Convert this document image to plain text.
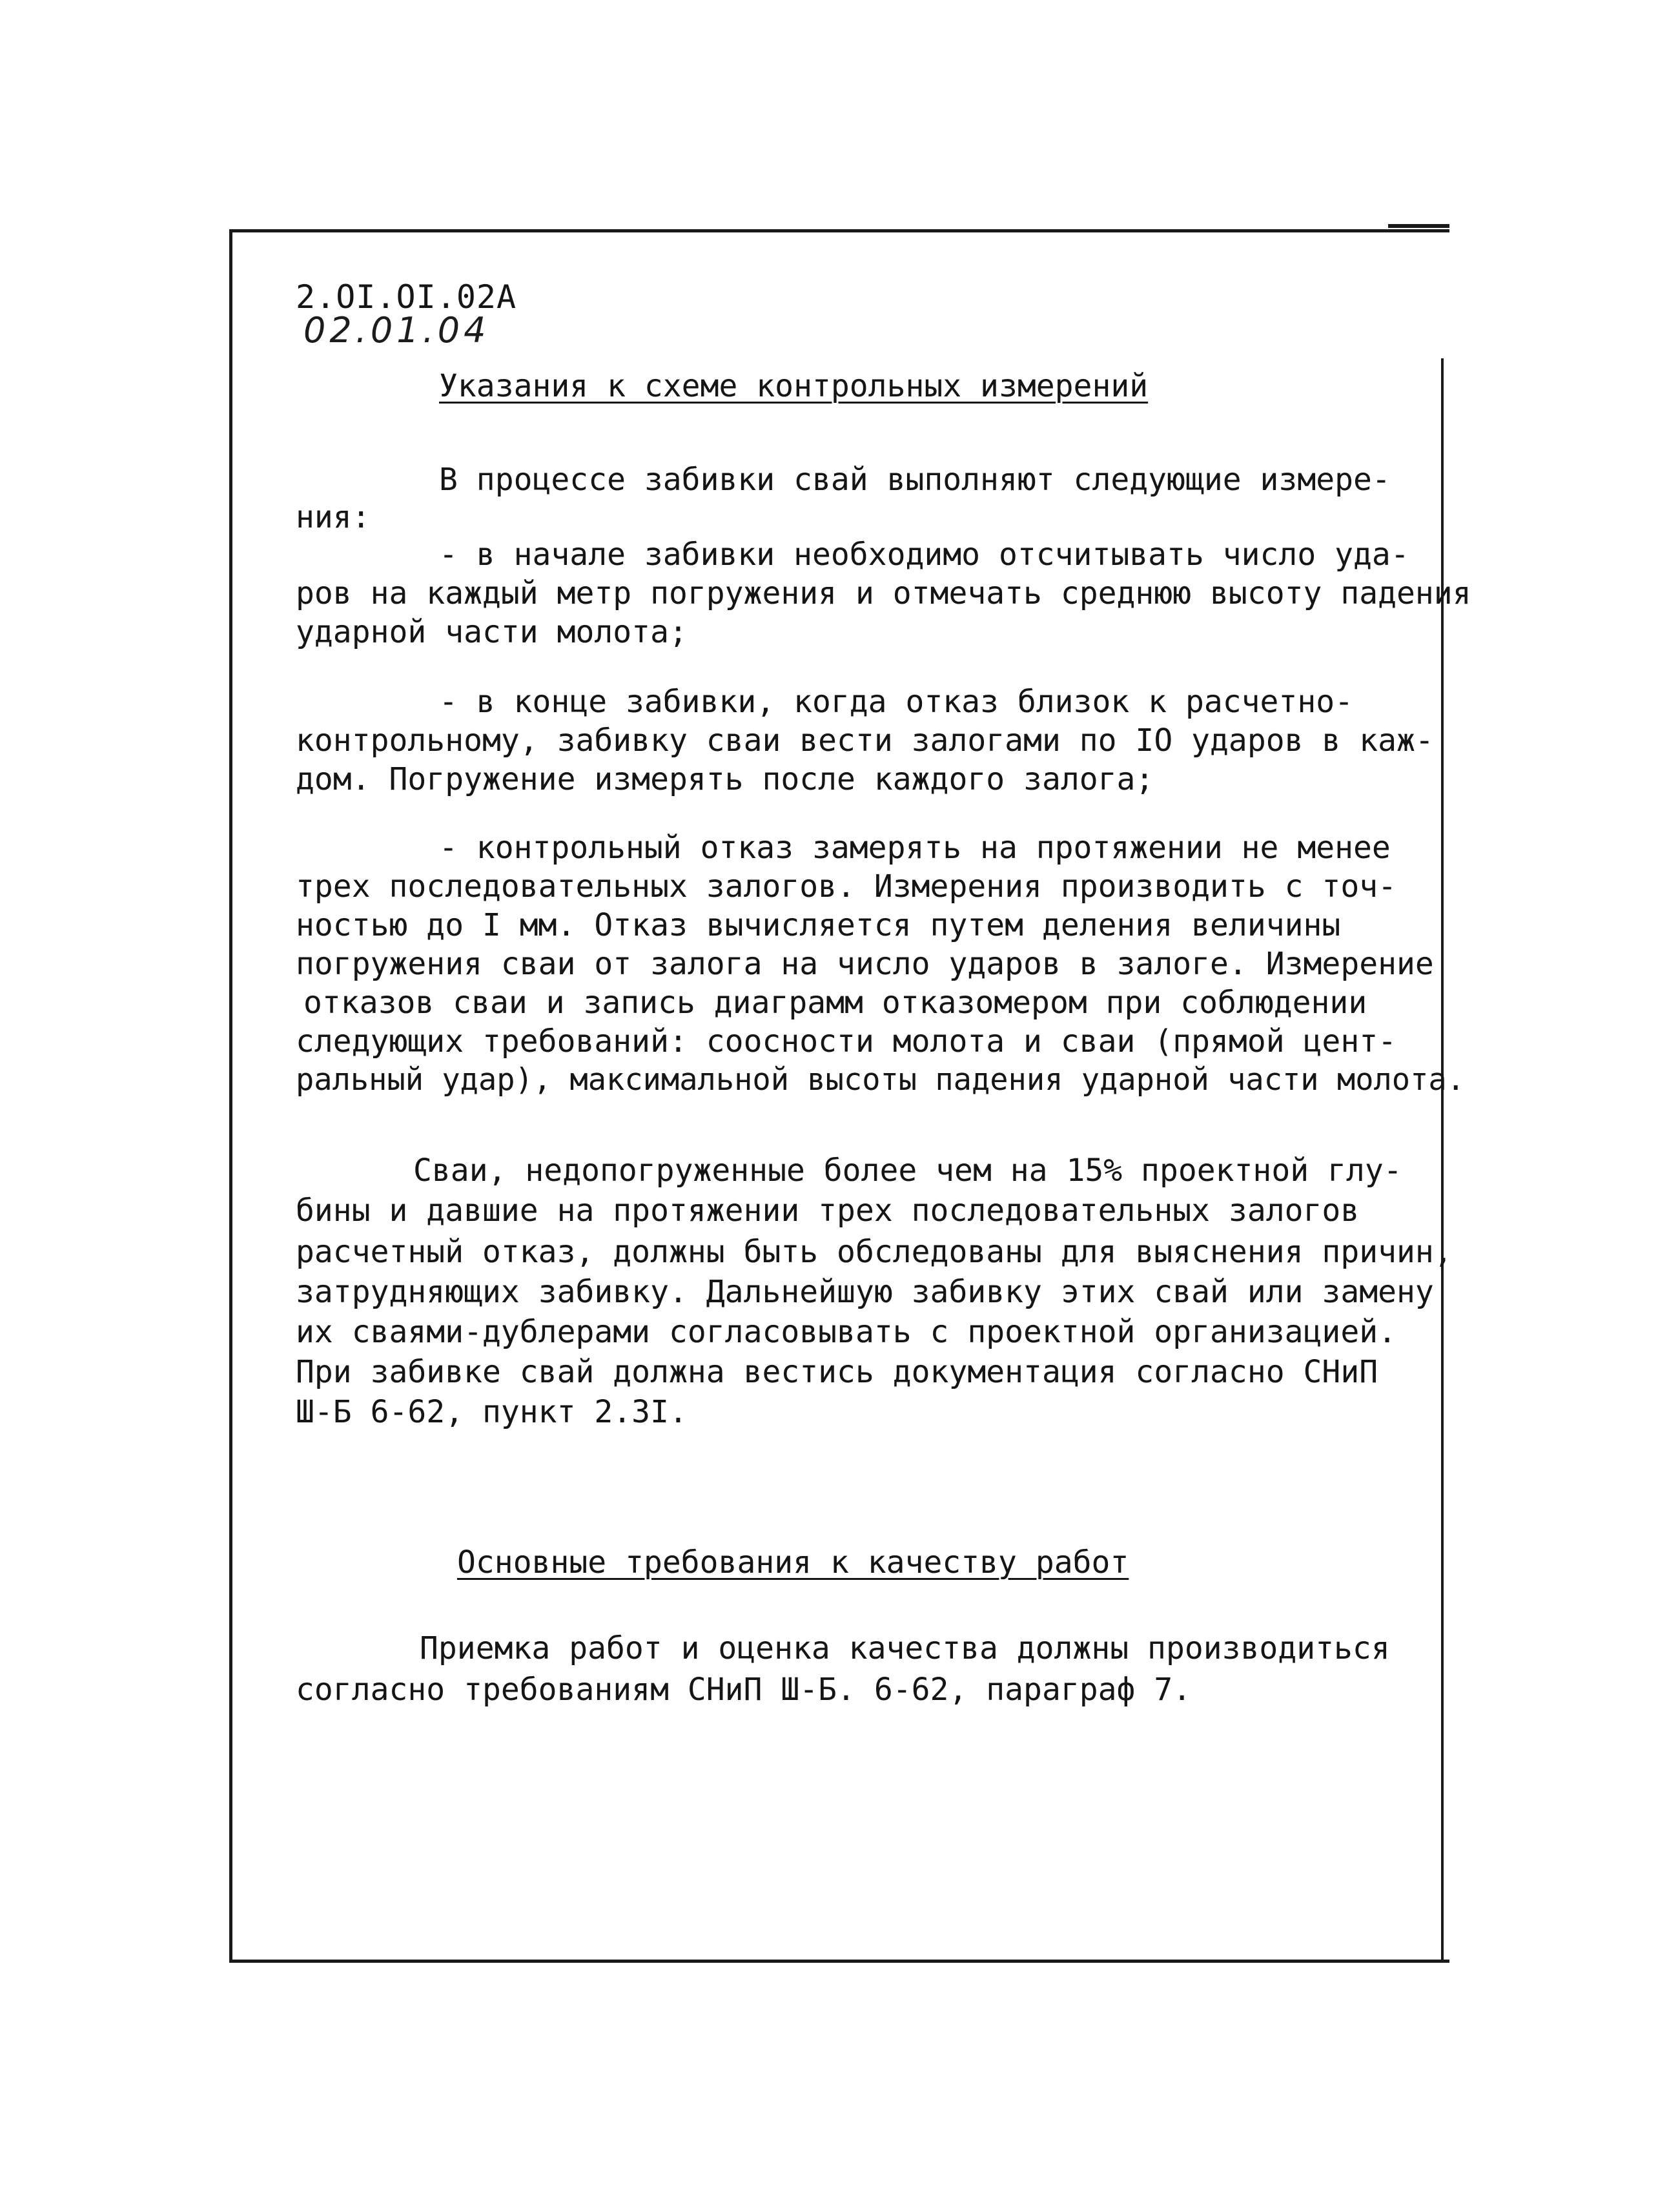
2.OI.OI.02A
02.01.04
Указания к схеме контрольных измерений
В процессе забивки свай выполняют следующие измере-
ния:
- в начале забивки необходимо отсчитывать число уда-
ров на каждый метр погружения и отмечать среднюю высоту падения
ударной части молота;
- в конце забивки, когда отказ близок к расчетно-
контрольному, забивку сваи вести залогами по IO ударов в каж-
дом. Погружение измерять после каждого залога;
- контрольный отказ замерять на протяжении не менее
трех последовательных залогов. Измерения производить с точ-
ностью до I мм. Отказ вычисляется путем деления величины
погружения сваи от залога на число ударов в залоге. Измерение
отказов сваи и запись диаграмм отказомером при соблюдении
следующих требований: соосности молота и сваи (прямой цент-
ральный удар), максимальной высоты падения ударной части молота.
Сваи, недопогруженные более чем на 15% проектной глу-
бины и давшие на протяжении трех последовательных залогов
расчетный отказ, должны быть обследованы для выяснения причин,
затрудняющих забивку. Дальнейшую забивку этих свай или замену
их сваями-дублерами согласовывать с проектной организацией.
При забивке свай должна вестись документация согласно СНиП
Ш-Б 6-62, пункт 2.3I.
Основные требования к качеству работ
Приемка работ и оценка качества должны производиться
согласно требованиям СНиП Ш-Б. 6-62, параграф 7.
